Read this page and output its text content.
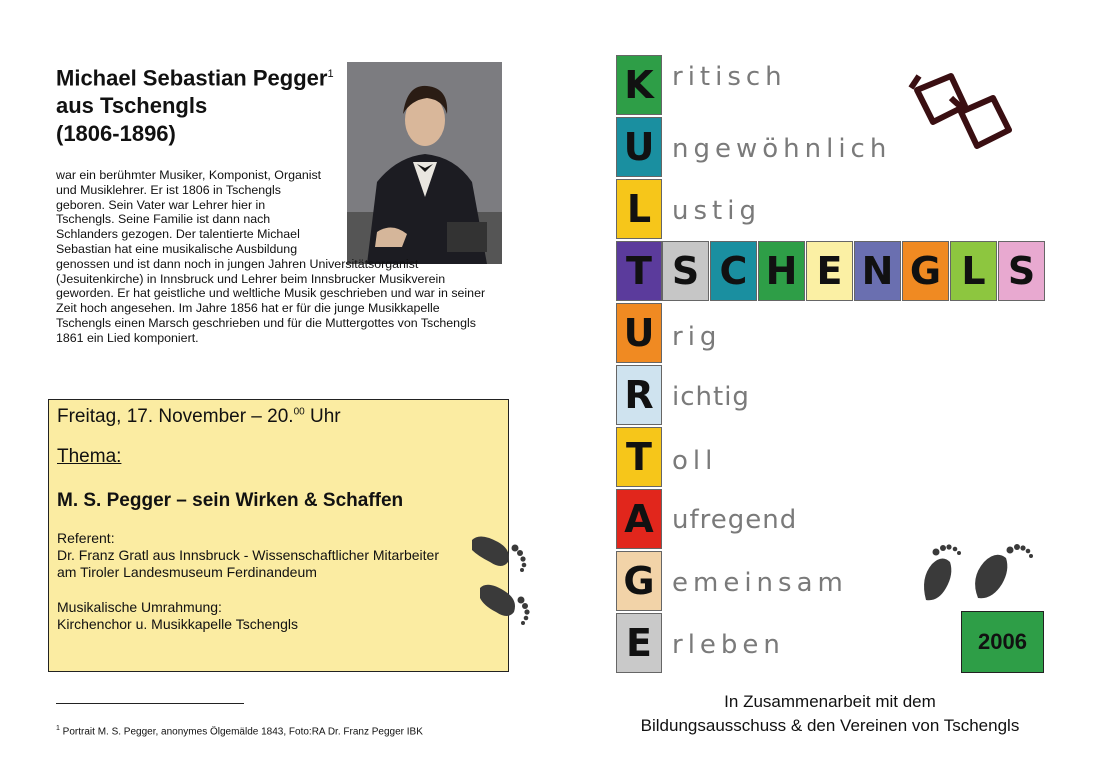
Michael Sebastian Pegger$^1$
aus Tschengls
(1806-1896)
war ein berühmter Musiker, Komponist, Organist
und Musiklehrer. Er ist 1806 in Tschengls
geboren. Sein Vater war Lehrer hier in
Tschengls. Seine Familie ist dann nach
Schlanders gezogen. Der talentierte Michael
Sebastian hat eine musikalische Ausbildung
genossen und ist dann noch in jungen Jahren Universitätsorganist
(Jesuitenkirche) in Innsbruck und Lehrer beim Innsbrucker Musikverein
geworden. Er hat geistliche und weltliche Musik geschrieben und war in seiner
Zeit hoch angesehen. Im Jahre 1856 hat er für die junge Musikkapelle
Tschengls einen Marsch geschrieben und für die Muttergottes von Tschengls
1861 ein Lied komponiert.
Freitag, 17. November – 20.00 Uhr
Thema:
M. S. Pegger – sein Wirken & Schaffen
Referent:
Dr. Franz Gratl aus Innsbruck - Wissenschaftlicher Mitarbeiter
am Tiroler Landesmuseum Ferdinandeum
Musikalische Umrahmung:
Kirchenchor u. Musikkapelle Tschengls
$^1$ Portrait M. S. Pegger, anonymes Ölgemälde 1843, Foto:RA Dr. Franz Pegger IBK
K
U
L
T
U
R
T
A
G
E
ritisch
ngewöhnlich
ustig
rig
ichtig
oll
ufregend
emeinsam
rleben
S C H E N G L S
2006
In Zusammenarbeit mit dem
Bildungsausschuss & den Vereinen von Tschengls
